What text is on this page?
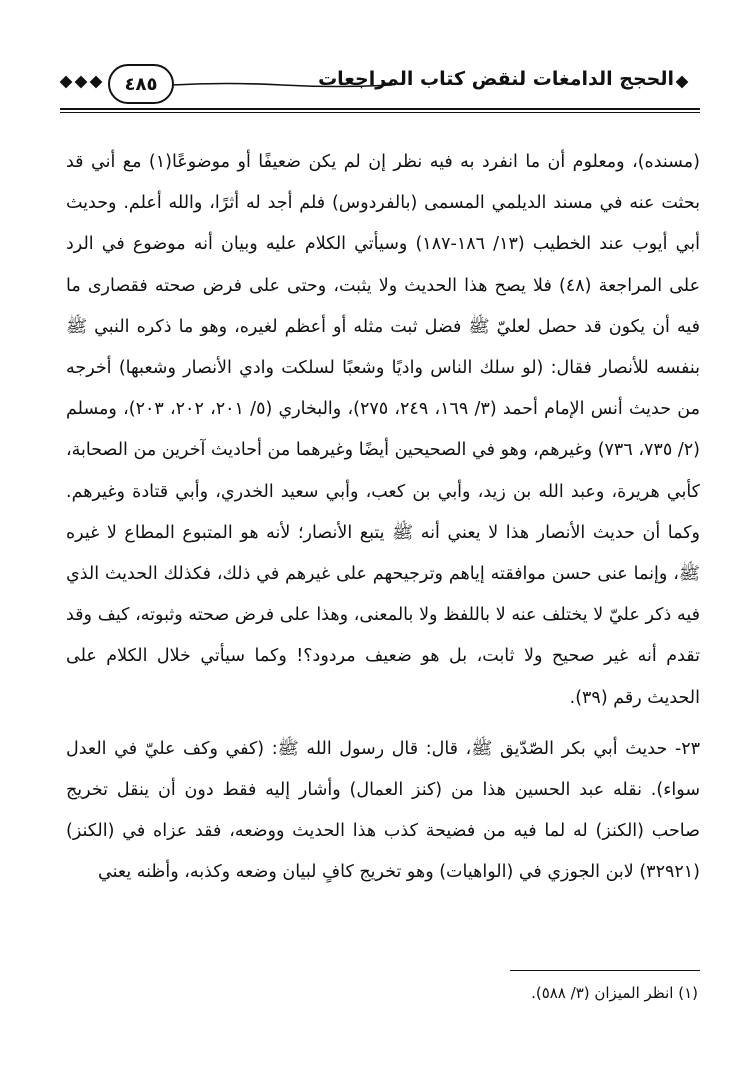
٤٨٥	الحجج الدامغات لنقض كتاب المراجعات

(مسنده)، ومعلوم أن ما انفرد به فيه نظر إن لم يكن ضعيفًا أو موضوعًا(١) مع أني قد بحثت عنه في مسند الديلمي المسمى (بالفردوس) فلم أجد له أثرًا، والله أعلم. وحديث أبي أيوب عند الخطيب (١٣/ ١٨٦-١٨٧) وسيأتي الكلام عليه وبيان أنه موضوع في الرد على المراجعة (٤٨) فلا يصح هذا الحديث ولا يثبت، وحتى على فرض صحته فقصارى ما فيه أن يكون قد حصل لعليّ ﷺ فضل ثبت مثله أو أعظم لغيره، وهو ما ذكره النبي ﷺ بنفسه للأنصار فقال: (لو سلك الناس واديًا وشعبًا لسلكت وادي الأنصار وشعبها) أخرجه من حديث أنس الإمام أحمد (٣/ ١٦٩، ٢٤٩، ٢٧٥)، والبخاري (٥/ ٢٠١، ٢٠٢، ٢٠٣)، ومسلم (٢/ ٧٣٥، ٧٣٦) وغيرهم، وهو في الصحيحين أيضًا وغيرهما من أحاديث آخرين من الصحابة، كأبي هريرة، وعبد الله بن زيد، وأبي بن كعب، وأبي سعيد الخدري، وأبي قتادة وغيرهم. وكما أن حديث الأنصار هذا لا يعني أنه ﷺ يتبع الأنصار؛ لأنه هو المتبوع المطاع لا غيره ﷺ، وإنما عنى حسن موافقته إياهم وترجيحهم على غيرهم في ذلك، فكذلك الحديث الذي فيه ذكر عليّ لا يختلف عنه لا باللفظ ولا بالمعنى، وهذا على فرض صحته وثبوته، كيف وقد تقدم أنه غير صحيح ولا ثابت، بل هو ضعيف مردود؟! وكما سيأتي خلال الكلام على الحديث رقم (٣٩).

٢٣- حديث أبي بكر الصّدّيق ﷺ، قال: قال رسول الله ﷺ: (كفي وكف عليّ في العدل سواء). نقله عبد الحسين هذا من (كنز العمال) وأشار إليه فقط دون أن ينقل تخريج صاحب (الكنز) له لما فيه من فضيحة كذب هذا الحديث ووضعه، فقد عزاه في (الكنز) (٣٢٩٢١) لابن الجوزي في (الواهيات) وهو تخريج كافٍ لبيان وضعه وكذبه، وأظنه يعني

(١) انظر الميزان (٣/ ٥٨٨).
